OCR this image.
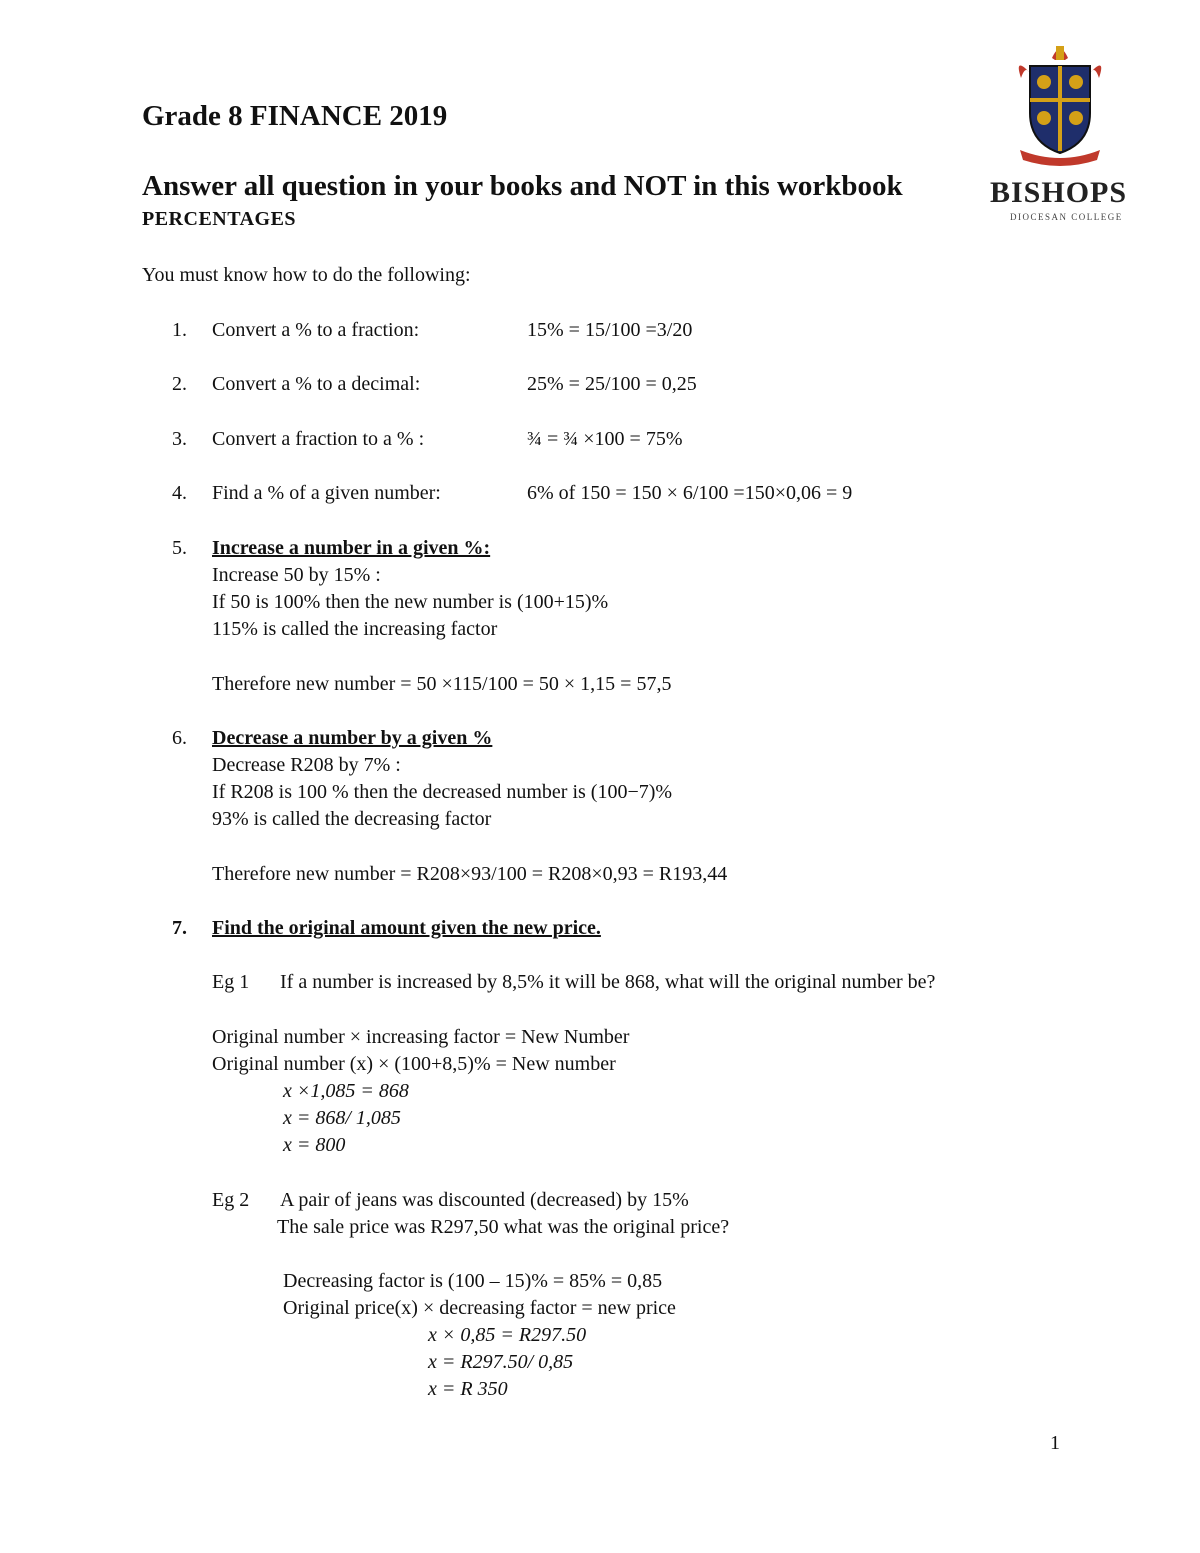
Grade 8 FINANCE 2019
Answer all question in your books and NOT in this workbook
PERCENTAGES
BISHOPS
DIOCESAN COLLEGE
You must know how to do the following:
1. Convert a % to a fraction:	15% = 15/100 =3/20
2. Convert a % to a decimal:	25% = 25/100 = 0,25
3. Convert a fraction to a % :	¾ = ¾ ×100 = 75%
4. Find a % of a given number:	6% of 150 = 150 × 6/100 =150×0,06 = 9
5. Increase a number in a given %:
Increase 50 by 15% :
If 50 is 100% then the new number is (100+15)%
115% is called the increasing factor
Therefore new number = 50 ×115/100 = 50 × 1,15 = 57,5
6. Decrease a number by a given %
Decrease R208 by 7% :
If R208 is 100 % then the decreased number is (100−7)%
93% is called the decreasing factor
Therefore new number = R208×93/100 = R208×0,93 = R193,44
7. Find the original amount given the new price.
Eg 1 If a number is increased by 8,5% it will be 868, what will the original number be?
Original number × increasing factor = New Number
Original number (x) × (100+8,5)% = New number
x ×1,085 = 868
x = 868/ 1,085
x = 800
Eg 2 A pair of jeans was discounted (decreased) by 15%
The sale price was R297,50 what was the original price?
Decreasing factor is (100 – 15)% = 85% = 0,85
Original price(x) × decreasing factor = new price
x × 0,85 = R297.50
x = R297.50/ 0,85
x = R 350
1
